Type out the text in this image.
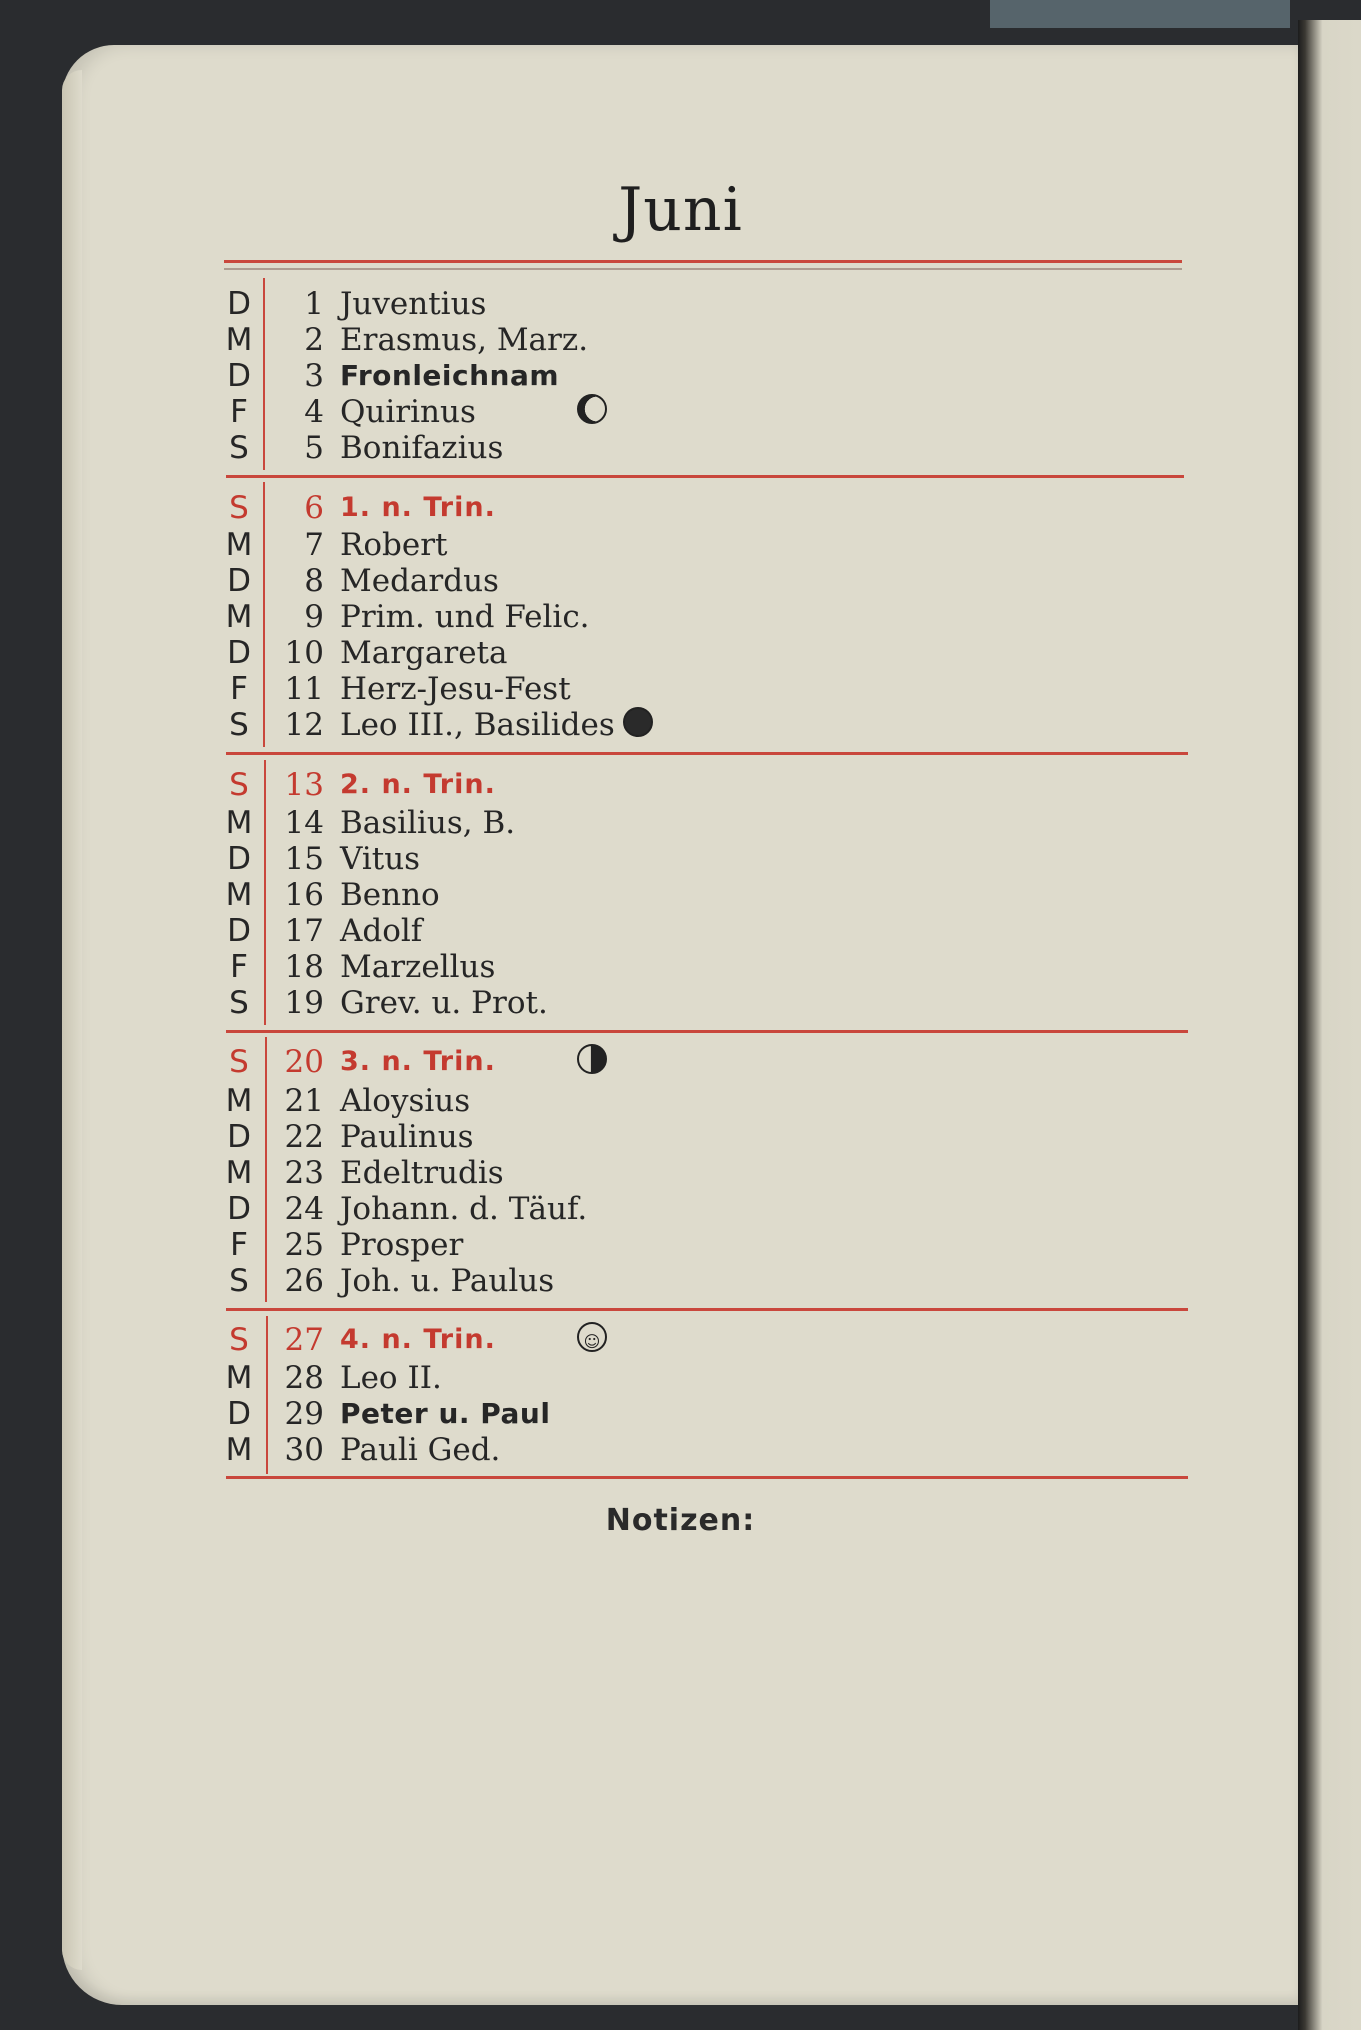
Juni
D	1 Juventius
M	2 Erasmus, Marz.
D	3 Fronleichnam
F	4 Quirinus
S	5 Bonifazius
S	6 1. n. Trin.
M	7 Robert
D	8 Medardus
M	9 Prim. und Felic.
D 10 Margareta
F 11 Herz-Jesu-Fest
S 12 Leo III., Basilides
S 13 2. n. Trin.
M 14 Basilius, B.
D 15 Vitus
M 16 Benno
D 17 Adolf
F 18 Marzellus
S 19 Grev. u. Prot.
S 20 3. n. Trin.
M 21 Aloysius
D 22 Paulinus
M 23 Edeltrudis
D 24 Johann. d. Täuf.
F 25 Prosper
S 26 Joh. u. Paulus
S 27 4. n. Trin.	☺
M 28 Leo II.
D 29 Peter u. Paul
M 30 Pauli Ged.
Notizen:
